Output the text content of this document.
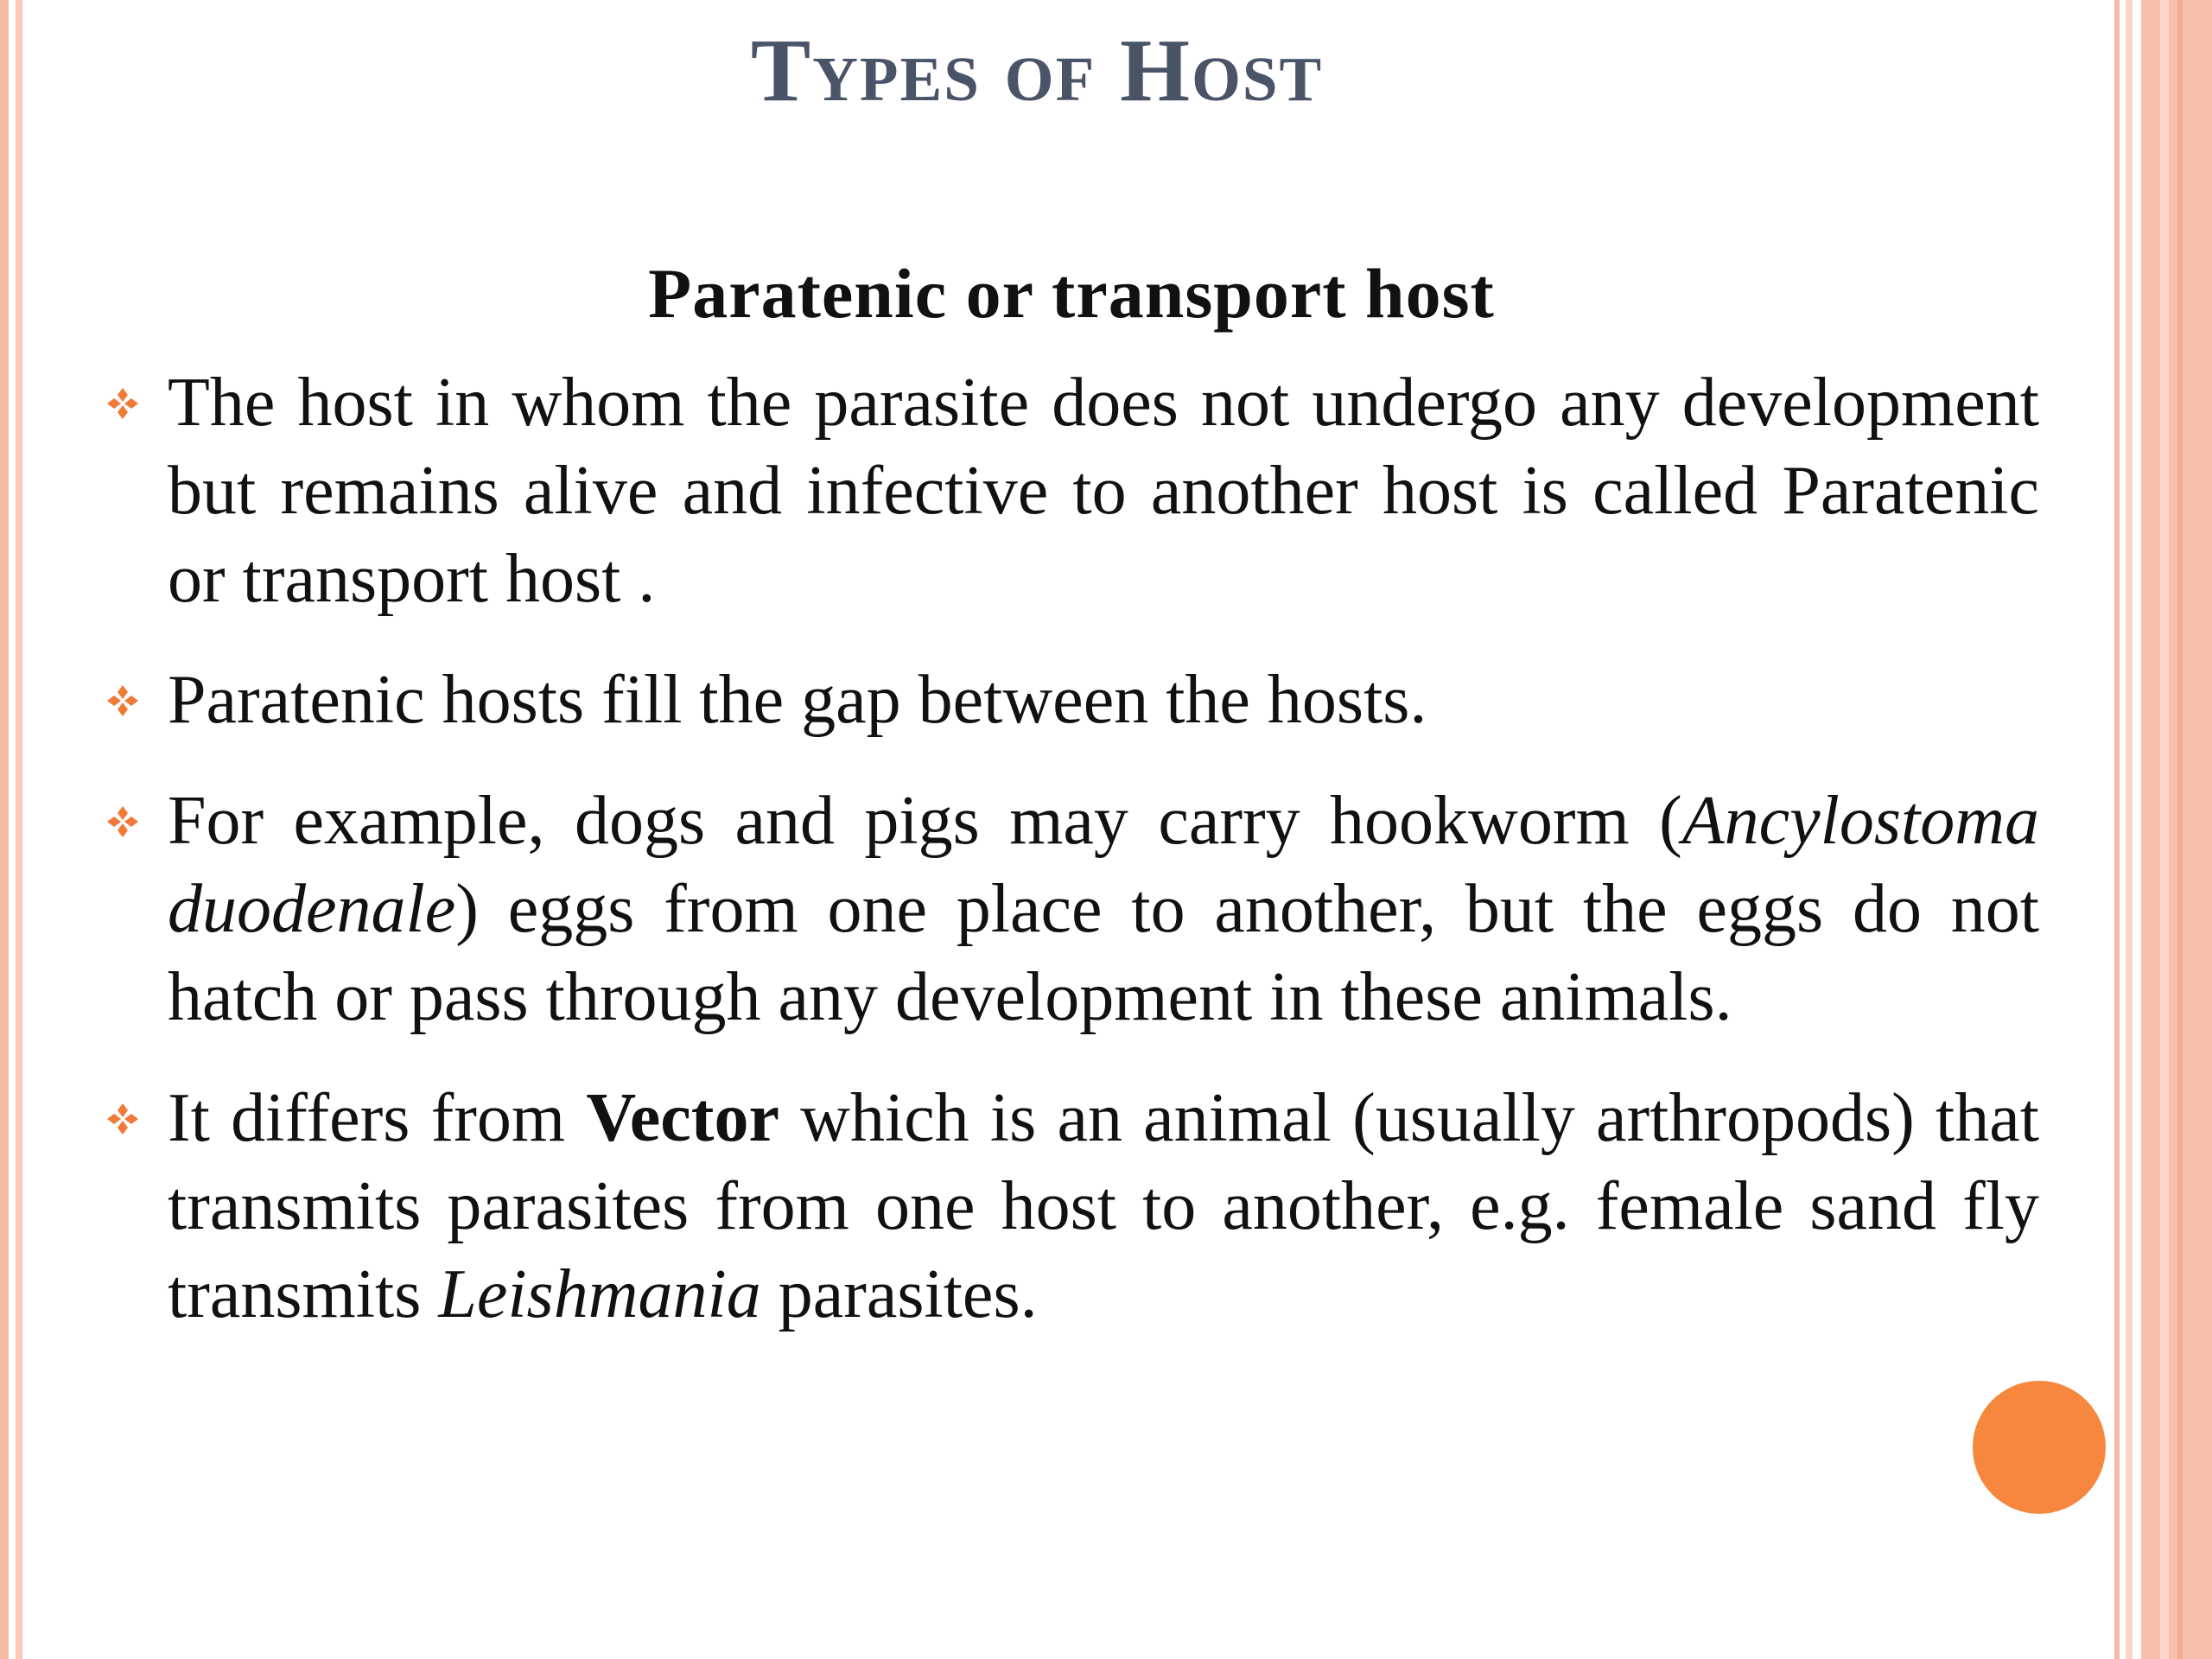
Types of Host
Paratenic or transport host
The host in whom the parasite does not undergo any development but remains alive and infective to another host is called Paratenic or transport host .
Paratenic hosts fill the gap between the hosts.
For example, dogs and pigs may carry hookworm (Ancylostoma duodenale) eggs from one place to another, but the eggs do not hatch or pass through any development in these animals.
It differs from Vector which is an animal (usually arthropods) that transmits parasites from one host to another, e.g. female sand fly transmits Leishmania parasites.
